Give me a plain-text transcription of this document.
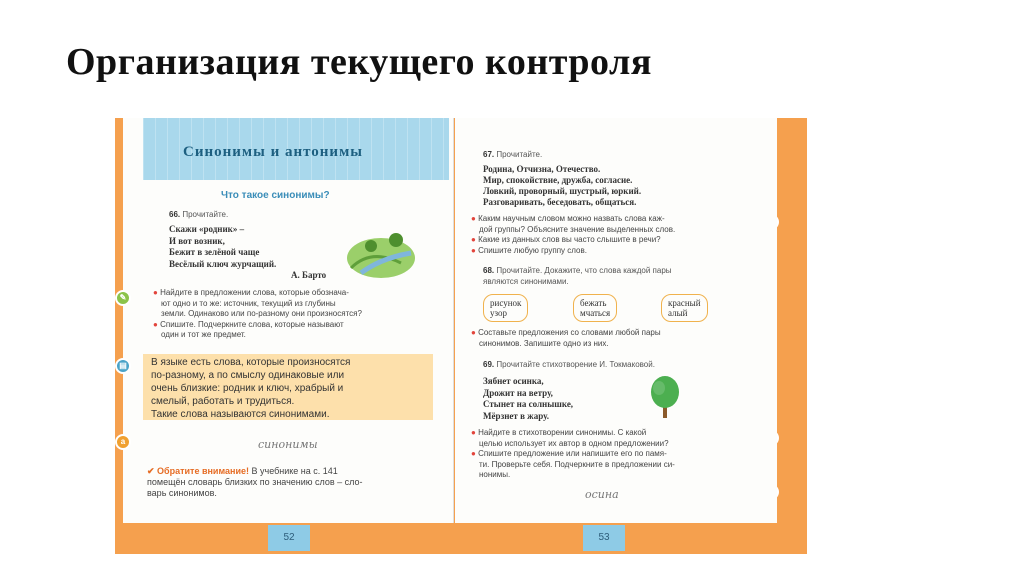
Организация текущего контроля
Синонимы и антонимы
Что такое синонимы?
66. Прочитайте.
Скажи «родник» –
И вот возник,
Бежит в зелёной чаще
Весёлый ключ журчащий.
А. Барто
● Найдите в предложении слова, которые обознача-
ют одно и то же: источник, текущий из глубины
земли. Одинаково или по-разному они произносятся?
● Спишите. Подчеркните слова, которые называют
один и тот же предмет.
В языке есть слова, которые произносятся
по-разному, а по смыслу одинаковые или
очень близкие: родник и ключ, храбрый и
смелый, работать и трудиться.
Такие слова называются синонимами.
синонимы
✔ Обратите внимание! В учебнике на с. 141
помещён словарь близких по значению слов – сло-
варь синонимов.
52
✎
▤
а
67. Прочитайте.
Родина, Отчизна, Отечество.
Мир, спокойствие, дружба, согласие.
Ловкий, проворный, шустрый, юркий.
Разговаривать, беседовать, общаться.
● Каким научным словом можно назвать слова каж-
дой группы? Объясните значение выделенных слов.
● Какие из данных слов вы часто слышите в речи?
● Спишите любую группу слов.
68. Прочитайте. Докажите, что слова каждой пары
являются синонимами.
рисунок
узор
бежать
мчаться
красный
алый
● Составьте предложения со словами любой пары
синонимов. Запишите одно из них.
69. Прочитайте стихотворение И. Токмаковой.
Зябнет осинка,
Дрожит на ветру,
Стынет на солнышке,
Мёрзнет в жару.
● Найдите в стихотворении синонимы. С какой
целью использует их автор в одном предложении?
● Спишите предложение или напишите его по памя-
ти. Проверьте себя. Подчеркните в предложении си-
нонимы.
осина
53
